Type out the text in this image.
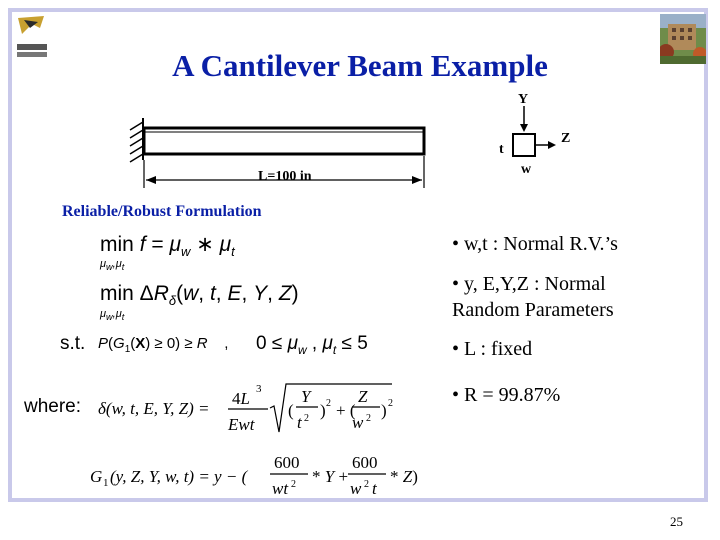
A Cantilever Beam Example
L=100 in
Y
Z
t
w
Reliable/Robust Formulation
$\min f = \mu_w$ ∗ $\mu_t$
$\mu_w,\mu_t$
$\min \Delta R_\delta(w$, t, E, Y, Z)
$\mu_w,\mu_t$
s.t. $P(G_1(X) \ge 0) \ge R$    , $0 \le \mu_w$ , $\mu_t \le 5$
where: δ(w, t, E, Y, Z) =
4L 3
Ewt
(
Y
t 2 ) 2 + (
Z
w 2 ) 2
G 1 (y, Z, Y, w, t) = y − (
600
wt 2 * Y +
600
w 2 t
* Z)
• w,t : Normal R.V.’s
• y, E,Y,Z : Normal
Random Parameters
• L : fixed
• R = 99.87%
25
